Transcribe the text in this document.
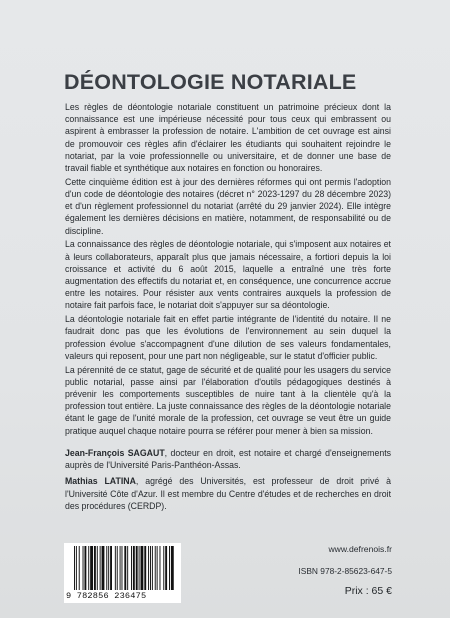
DÉONTOLOGIE NOTARIALE

Les règles de déontologie notariale constituent un patrimoine précieux dont la connaissance est une impérieuse nécessité pour tous ceux qui embrassent ou aspirent à embrasser la profession de notaire. L'ambition de cet ouvrage est ainsi de promouvoir ces règles afin d'éclairer les étudiants qui souhaitent rejoindre le notariat, par la voie professionnelle ou universitaire, et de donner une base de travail fiable et synthétique aux notaires en fonction ou honoraires.

Cette cinquième édition est à jour des dernières réformes qui ont permis l'adoption d'un code de déontologie des notaires (décret n° 2023-1297 du 28 décembre 2023) et d'un règlement professionnel du notariat (arrêté du 29 janvier 2024). Elle intègre également les dernières décisions en matière, notamment, de responsabilité ou de discipline.

La connaissance des règles de déontologie notariale, qui s'imposent aux notaires et à leurs collaborateurs, apparaît plus que jamais nécessaire, a fortiori depuis la loi croissance et activité du 6 août 2015, laquelle a entraîné une très forte augmentation des effectifs du notariat et, en conséquence, une concurrence accrue entre les notaires. Pour résister aux vents contraires auxquels la profession de notaire fait parfois face, le notariat doit s'appuyer sur sa déontologie.

La déontologie notariale fait en effet partie intégrante de l'identité du notaire. Il ne faudrait donc pas que les évolutions de l'environnement au sein duquel la profession évolue s'accompagnent d'une dilution de ses valeurs fondamentales, valeurs qui reposent, pour une part non négligeable, sur le statut d'officier public.

La pérennité de ce statut, gage de sécurité et de qualité pour les usagers du service public notarial, passe ainsi par l'élaboration d'outils pédagogiques destinés à prévenir les comportements susceptibles de nuire tant à la clientèle qu'à la profession tout entière. La juste connaissance des règles de la déontologie notariale étant le gage de l'unité morale de la profession, cet ouvrage se veut être un guide pratique auquel chaque notaire pourra se référer pour mener à bien sa mission.

Jean-François SAGAUT, docteur en droit, est notaire et chargé d'enseignements auprès de l'Université Paris-Panthéon-Assas.

Mathias LATINA, agrégé des Universités, est professeur de droit privé à l'Université Côte d'Azur. Il est membre du Centre d'études et de recherches en droit des procédures (CERDP).

9 782856 236475
www.defrenois.fr
ISBN 978-2-85623-647-5
Prix : 65 €
